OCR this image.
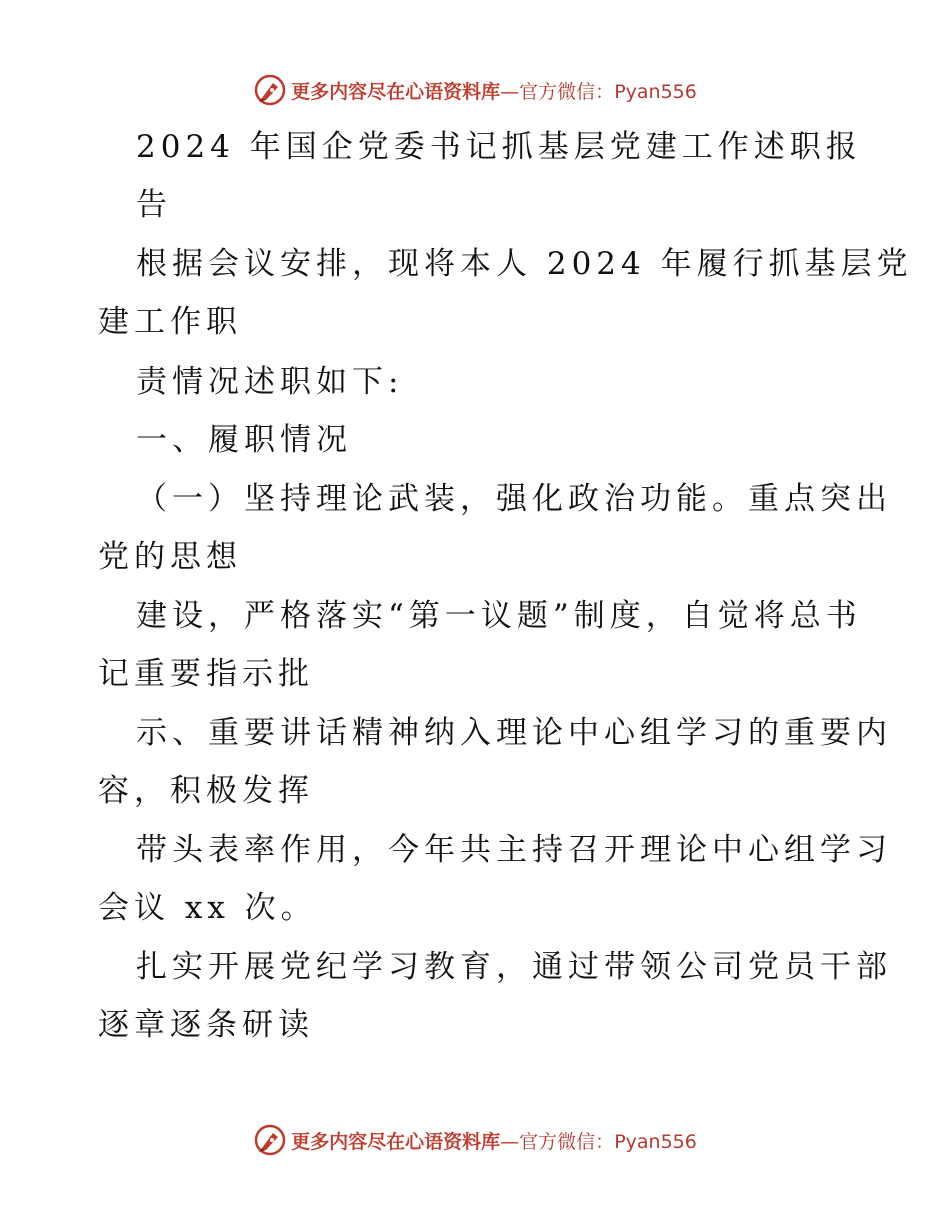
更多内容尽在心语资料库—官方微信：Pyan556
2024 年国企党委书记抓基层党建工作述职报
告
根据会议安排，现将本人 2024 年履行抓基层党
建工作职
责情况述职如下:
一、履职情况
（一）坚持理论武装，强化政治功能。重点突出
党的思想
建设，严格落实“第一议题”制度，自觉将总书
记重要指示批
示、重要讲话精神纳入理论中心组学习的重要内
容，积极发挥
带头表率作用，今年共主持召开理论中心组学习
会议 xx 次。
扎实开展党纪学习教育，通过带领公司党员干部
逐章逐条研读
更多内容尽在心语资料库—官方微信：Pyan556
